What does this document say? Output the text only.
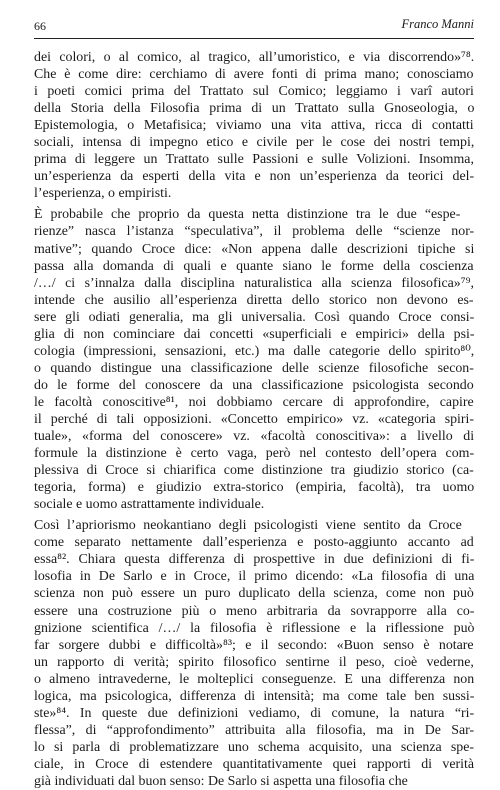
66	Franco Manni
dei colori, o al comico, al tragico, all’umoristico, e via discorrendo»⁷⁸.
Che è come dire: cerchiamo di avere fonti di prima mano; conosciamo
i poeti comici prima del Trattato sul Comico; leggiamo i varî autori
della Storia della Filosofia prima di un Trattato sulla Gnoseologia, o
Epistemologia, o Metafisica; viviamo una vita attiva, ricca di contatti
sociali, intensa di impegno etico e civile per le cose dei nostri tempi,
prima di leggere un Trattato sulle Passioni e sulle Volizioni. Insomma,
un’esperienza da esperti della vita e non un’esperienza da teorici del-
l’esperienza, o empiristi.
È probabile che proprio da questa netta distinzione tra le due “espe-
rienze” nasca l’istanza “speculativa”, il problema delle “scienze nor-
mative”; quando Croce dice: «Non appena dalle descrizioni tipiche si
passa alla domanda di quali e quante siano le forme della coscienza
/…/ ci s’innalza dalla disciplina naturalistica alla scienza filosofica»⁷⁹,
intende che ausilio all’esperienza diretta dello storico non devono es-
sere gli odiati generalia, ma gli universalia. Così quando Croce consi-
glia di non cominciare dai concetti «superficiali e empirici» della psi-
cologia (impressioni, sensazioni, etc.) ma dalle categorie dello spirito⁸⁰,
o quando distingue una classificazione delle scienze filosofiche secon-
do le forme del conoscere da una classificazione psicologista secondo
le facoltà conoscitive⁸¹, noi dobbiamo cercare di approfondire, capire
il perché di tali opposizioni. «Concetto empirico» vz. «categoria spiri-
tuale», «forma del conoscere» vz. «facoltà conoscitiva»: a livello di
formule la distinzione è certo vaga, però nel contesto dell’opera com-
plessiva di Croce si chiarifica come distinzione tra giudizio storico (ca-
tegoria, forma) e giudizio extra-storico (empiria, facoltà), tra uomo
sociale e uomo astrattamente individuale.
Così l’apriorismo neokantiano degli psicologisti viene sentito da Croce
come separato nettamente dall’esperienza e posto-aggiunto accanto ad
essa⁸². Chiara questa differenza di prospettive in due definizioni di fi-
losofia in De Sarlo e in Croce, il primo dicendo: «La filosofia di una
scienza non può essere un puro duplicato della scienza, come non può
essere una costruzione più o meno arbitraria da sovrapporre alla co-
gnizione scientifica /…/ la filosofia è riflessione e la riflessione può
far sorgere dubbi e difficoltà»⁸³; e il secondo: «Buon senso è notare
un rapporto di verità; spirito filosofico sentirne il peso, cioè vederne,
o almeno intravederne, le molteplici conseguenze. E una differenza non
logica, ma psicologica, differenza di intensità; ma come tale ben sussi-
ste»⁸⁴. In queste due definizioni vediamo, di comune, la natura “ri-
flessa”, di “approfondimento” attribuita alla filosofia, ma in De Sar-
lo si parla di problematizzare uno schema acquisito, una scienza spe-
ciale, in Croce di estendere quantitativamente quei rapporti di verità
già individuati dal buon senso: De Sarlo si aspetta una filosofia che
